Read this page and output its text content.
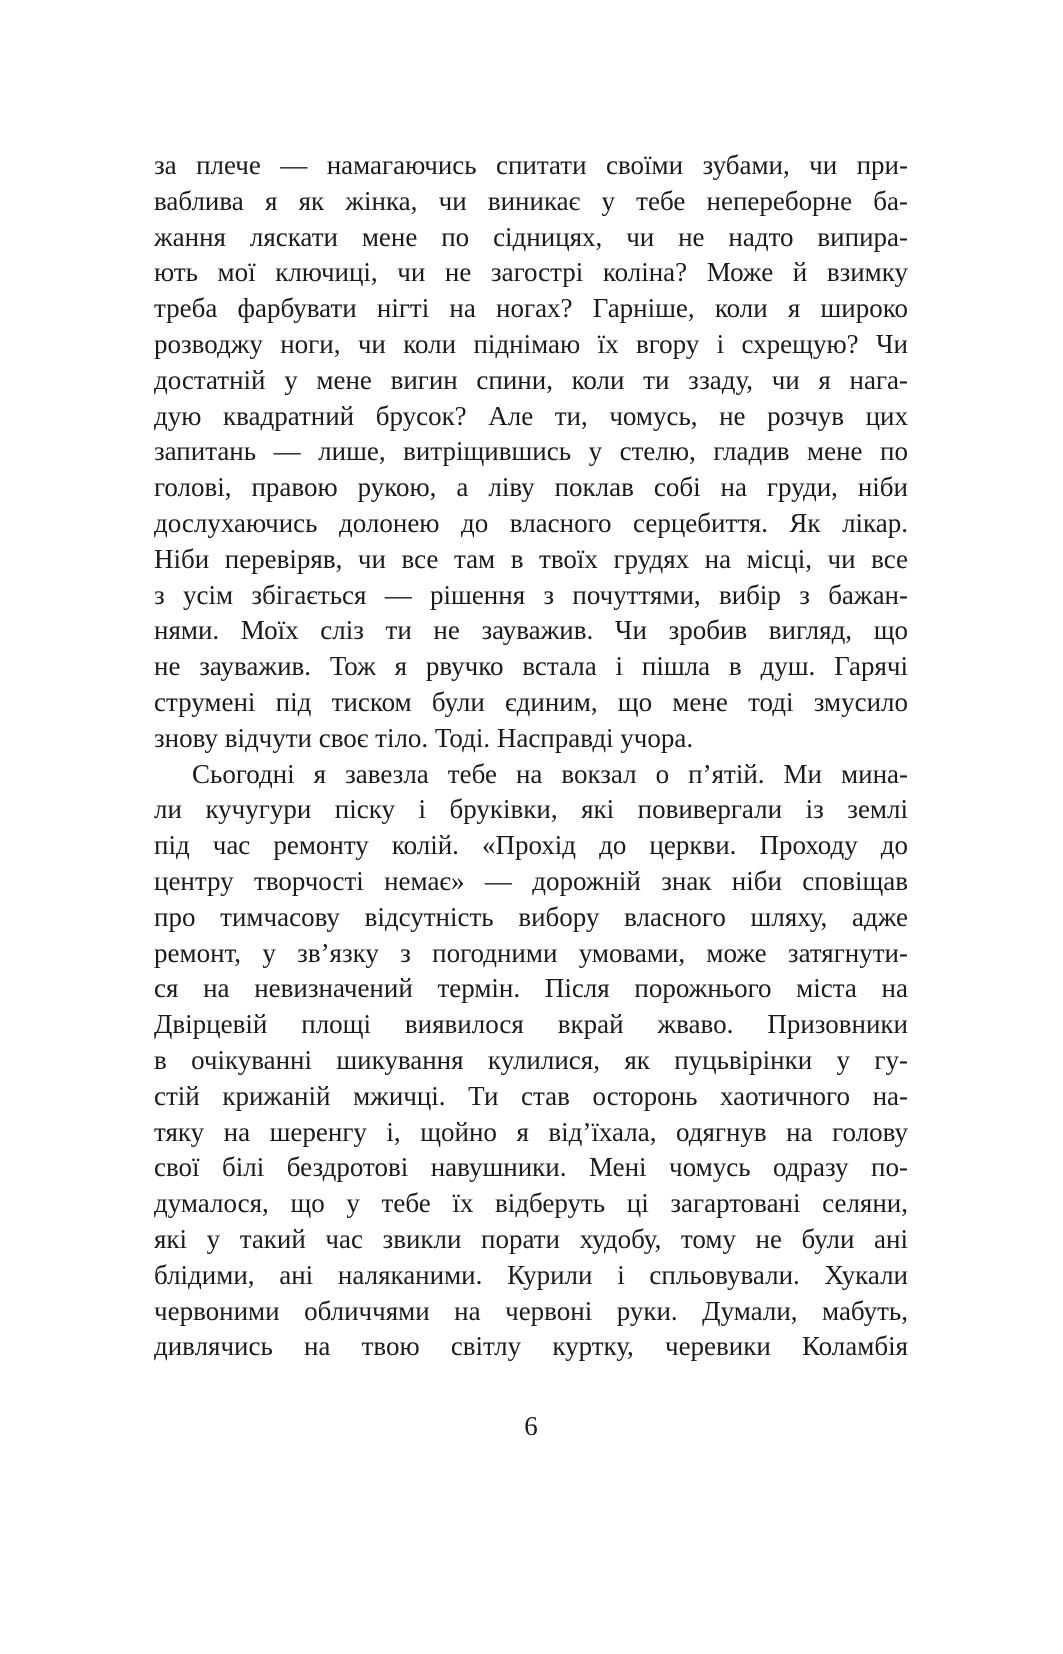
за плече — намагаючись спитати своїми зубами, чи при-
ваблива я як жінка, чи виникає у тебе непереборне ба-
жання ляскати мене по сідницях, чи не надто випира-
ють мої ключиці, чи не загострі коліна? Може й взимку
треба фарбувати нігті на ногах? Гарніше, коли я широко
розводжу ноги, чи коли піднімаю їх вгору і схрещую? Чи
достатній у мене вигин спини, коли ти ззаду, чи я нага-
дую квадратний брусок? Але ти, чомусь, не розчув цих
запитань — лише, витріщившись у стелю, гладив мене по
голові, правою рукою, а ліву поклав собі на груди, ніби
дослухаючись долонею до власного серцебиття. Як лікар.
Ніби перевіряв, чи все там в твоїх грудях на місці, чи все
з усім збігається — рішення з почуттями, вибір з бажан-
нями. Моїх сліз ти не зауважив. Чи зробив вигляд, що
не зауважив. Тож я рвучко встала і пішла в душ. Гарячі
струмені під тиском були єдиним, що мене тоді змусило
знову відчути своє тіло. Тоді. Насправді учора.
Сьогодні я завезла тебе на вокзал о п’ятій. Ми мина-
ли кучугури піску і бруківки, які повивергали із землі
під час ремонту колій. «Прохід до церкви. Проходу до
центру творчості немає» — дорожній знак ніби сповіщав
про тимчасову відсутність вибору власного шляху, адже
ремонт, у зв’язку з погодними умовами, може затягнути-
ся на невизначений термін. Після порожнього міста на
Двірцевій площі виявилося вкрай жваво. Призовники
в очікуванні шикування кулилися, як пуцьвірінки у гу-
стій крижаній мжичці. Ти став осторонь хаотичного на-
тяку на шеренгу і, щойно я від’їхала, одягнув на голову
свої білі бездротові навушники. Мені чомусь одразу по-
думалося, що у тебе їх відберуть ці загартовані селяни,
які у такий час звикли порати худобу, тому не були ані
блідими, ані наляканими. Курили і спльовували. Хукали
червоними обличчями на червоні руки. Думали, мабуть,
дивлячись на твою світлу куртку, черевики Коламбія
6
